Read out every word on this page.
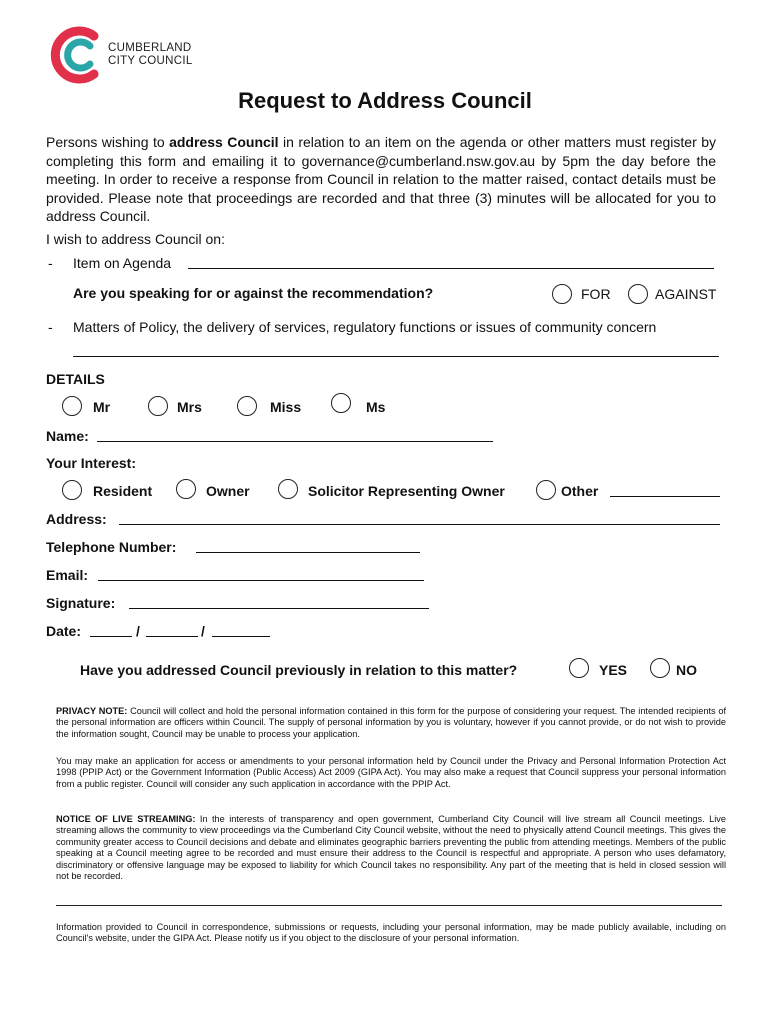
CUMBERLAND
CITY COUNCIL
Request to Address Council
Persons wishing to address Council in relation to an item on the agenda or other matters must register by completing this form and emailing it to governance@cumberland.nsw.gov.au by 5pm the day before the meeting. In order to receive a response from Council in relation to the matter raised, contact details must be provided. Please note that proceedings are recorded and that three (3) minutes will be allocated for you to address Council.
I wish to address Council on:
- Item on Agenda
Are you speaking for or against the recommendation?	FOR	AGAINST
- Matters of Policy, the delivery of services, regulatory functions or issues of community concern
DETAILS
Mr	Mrs	Miss	Ms
Name:
Your Interest:
Resident	Owner	Solicitor Representing Owner	Other
Address:
Telephone Number:
Email:
Signature:
Date:	/	/
Have you addressed Council previously in relation to this matter?	YES	NO
PRIVACY NOTE: Council will collect and hold the personal information contained in this form for the purpose of considering your request. The intended recipients of the personal information are officers within Council. The supply of personal information by you is voluntary, however if you cannot provide, or do not wish to provide the information sought, Council may be unable to process your application.
You may make an application for access or amendments to your personal information held by Council under the Privacy and Personal Information Protection Act 1998 (PPIP Act) or the Government Information (Public Access) Act 2009 (GIPA Act). You may also make a request that Council suppress your personal information from a public register. Council will consider any such application in accordance with the PPIP Act.
NOTICE OF LIVE STREAMING: In the interests of transparency and open government, Cumberland City Council will live stream all Council meetings. Live streaming allows the community to view proceedings via the Cumberland City Council website, without the need to physically attend Council meetings. This gives the community greater access to Council decisions and debate and eliminates geographic barriers preventing the public from attending meetings. Members of the public speaking at a Council meeting agree to be recorded and must ensure their address to the Council is respectful and appropriate. A person who uses defamatory, discriminatory or offensive language may be exposed to liability for which Council takes no responsibility. Any part of the meeting that is held in closed session will not be recorded.
Information provided to Council in correspondence, submissions or requests, including your personal information, may be made publicly available, including on Council's website, under the GIPA Act. Please notify us if you object to the disclosure of your personal information.
